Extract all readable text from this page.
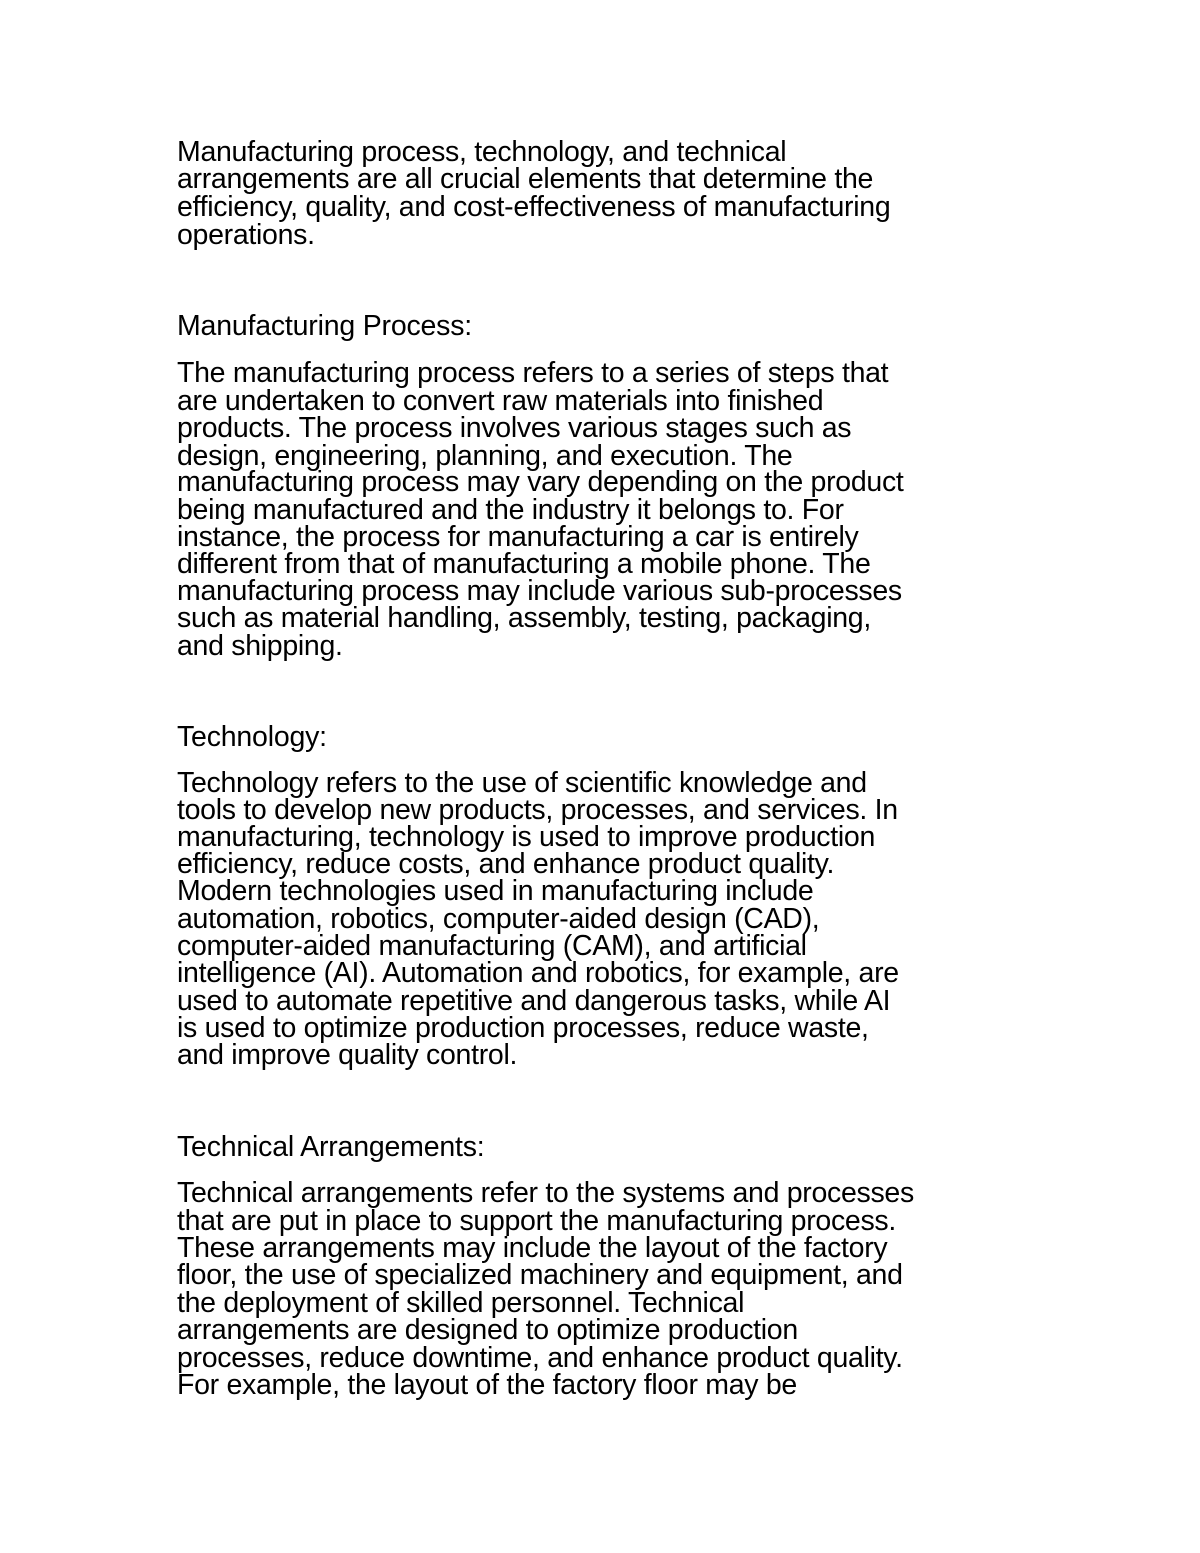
Manufacturing process, technology, and technical
arrangements are all crucial elements that determine the
efficiency, quality, and cost-effectiveness of manufacturing
operations.
Manufacturing Process:
The manufacturing process refers to a series of steps that
are undertaken to convert raw materials into finished
products. The process involves various stages such as
design, engineering, planning, and execution. The
manufacturing process may vary depending on the product
being manufactured and the industry it belongs to. For
instance, the process for manufacturing a car is entirely
different from that of manufacturing a mobile phone. The
manufacturing process may include various sub-processes
such as material handling, assembly, testing, packaging,
and shipping.
Technology:
Technology refers to the use of scientific knowledge and
tools to develop new products, processes, and services. In
manufacturing, technology is used to improve production
efficiency, reduce costs, and enhance product quality.
Modern technologies used in manufacturing include
automation, robotics, computer-aided design (CAD),
computer-aided manufacturing (CAM), and artificial
intelligence (AI). Automation and robotics, for example, are
used to automate repetitive and dangerous tasks, while AI
is used to optimize production processes, reduce waste,
and improve quality control.
Technical Arrangements:
Technical arrangements refer to the systems and processes
that are put in place to support the manufacturing process.
These arrangements may include the layout of the factory
floor, the use of specialized machinery and equipment, and
the deployment of skilled personnel. Technical
arrangements are designed to optimize production
processes, reduce downtime, and enhance product quality.
For example, the layout of the factory floor may be
